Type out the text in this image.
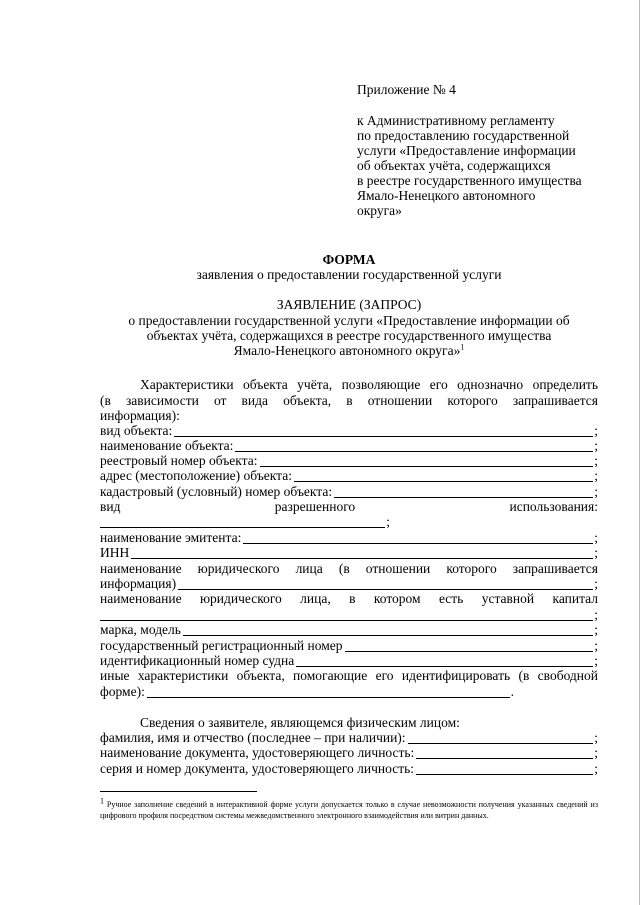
Приложение № 4
к Административному регламенту
по предоставлению государственной
услуги «Предоставление информации
об объектах учёта, содержащихся
в реестре государственного имущества
Ямало-Ненецкого автономного
округа»
ФОРМА
заявления о предоставлении государственной услуги
ЗАЯВЛЕНИЕ (ЗАПРОС)
о предоставлении государственной услуги «Предоставление информации об
объектах учёта, содержащихся в реестре государственного имущества
Ямало-Ненецкого автономного округа»$^1$
Характеристики объекта учёта, позволяющие его однозначно определить
(в зависимости от вида объекта, в отношении которого запрашивается
информация):
вид объекта:	;
наименование объекта:	;
реестровый номер объекта:	;
адрес (местоположение) объекта:	;
кадастровый (условный) номер объекта:	;
вид	разрешенного	использования:
;
наименование эмитента:	;
ИНН	;
наименование юридического лица (в отношении которого запрашивается
информация)	;
наименование юридического лица, в котором есть уставной капитал
;
марка, модель	;
государственный регистрационный номер	;
идентификационный номер судна	;
иные характеристики объекта, помогающие его идентифицировать (в свободной
форме):	.
Сведения о заявителе, являющемся физическим лицом:
фамилия, имя и отчество (последнее – при наличии):	;
наименование документа, удостоверяющего личность:	;
серия и номер документа, удостоверяющего личность:	;
$^1$ Ручное заполнение сведений в интерактивной форме услуги допускается только в случае невозможности получения указанных сведений из цифрового профиля посредством системы межведомственного электронного взаимодействия или витрин данных.
